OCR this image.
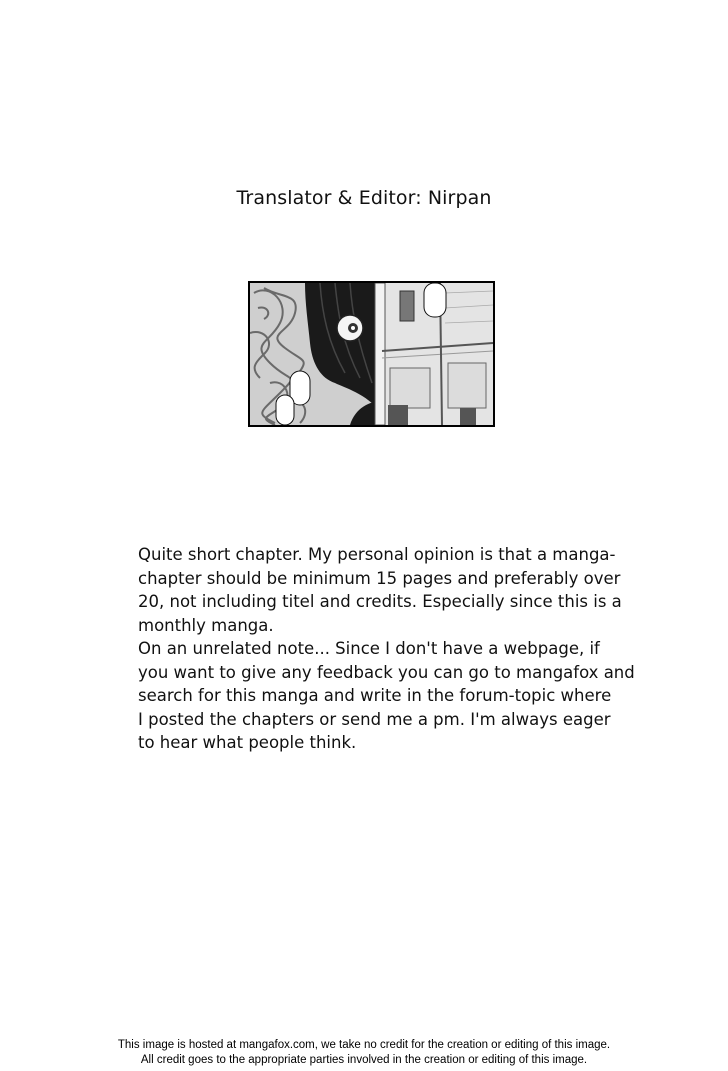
Translator & Editor: Nirpan
Quite short chapter. My personal opinion is that a manga-
chapter should be minimum 15 pages and preferably over
20, not including titel and credits. Especially since this is a
monthly manga.
On an unrelated note... Since I don't have a webpage, if
you want to give any feedback you can go to mangafox and
search for this manga and write in the forum-topic where
I posted the chapters or send me a pm. I'm always eager
to hear what people think.
This image is hosted at mangafox.com, we take no credit for the creation or editing of this image.
All credit goes to the appropriate parties involved in the creation or editing of this image.
